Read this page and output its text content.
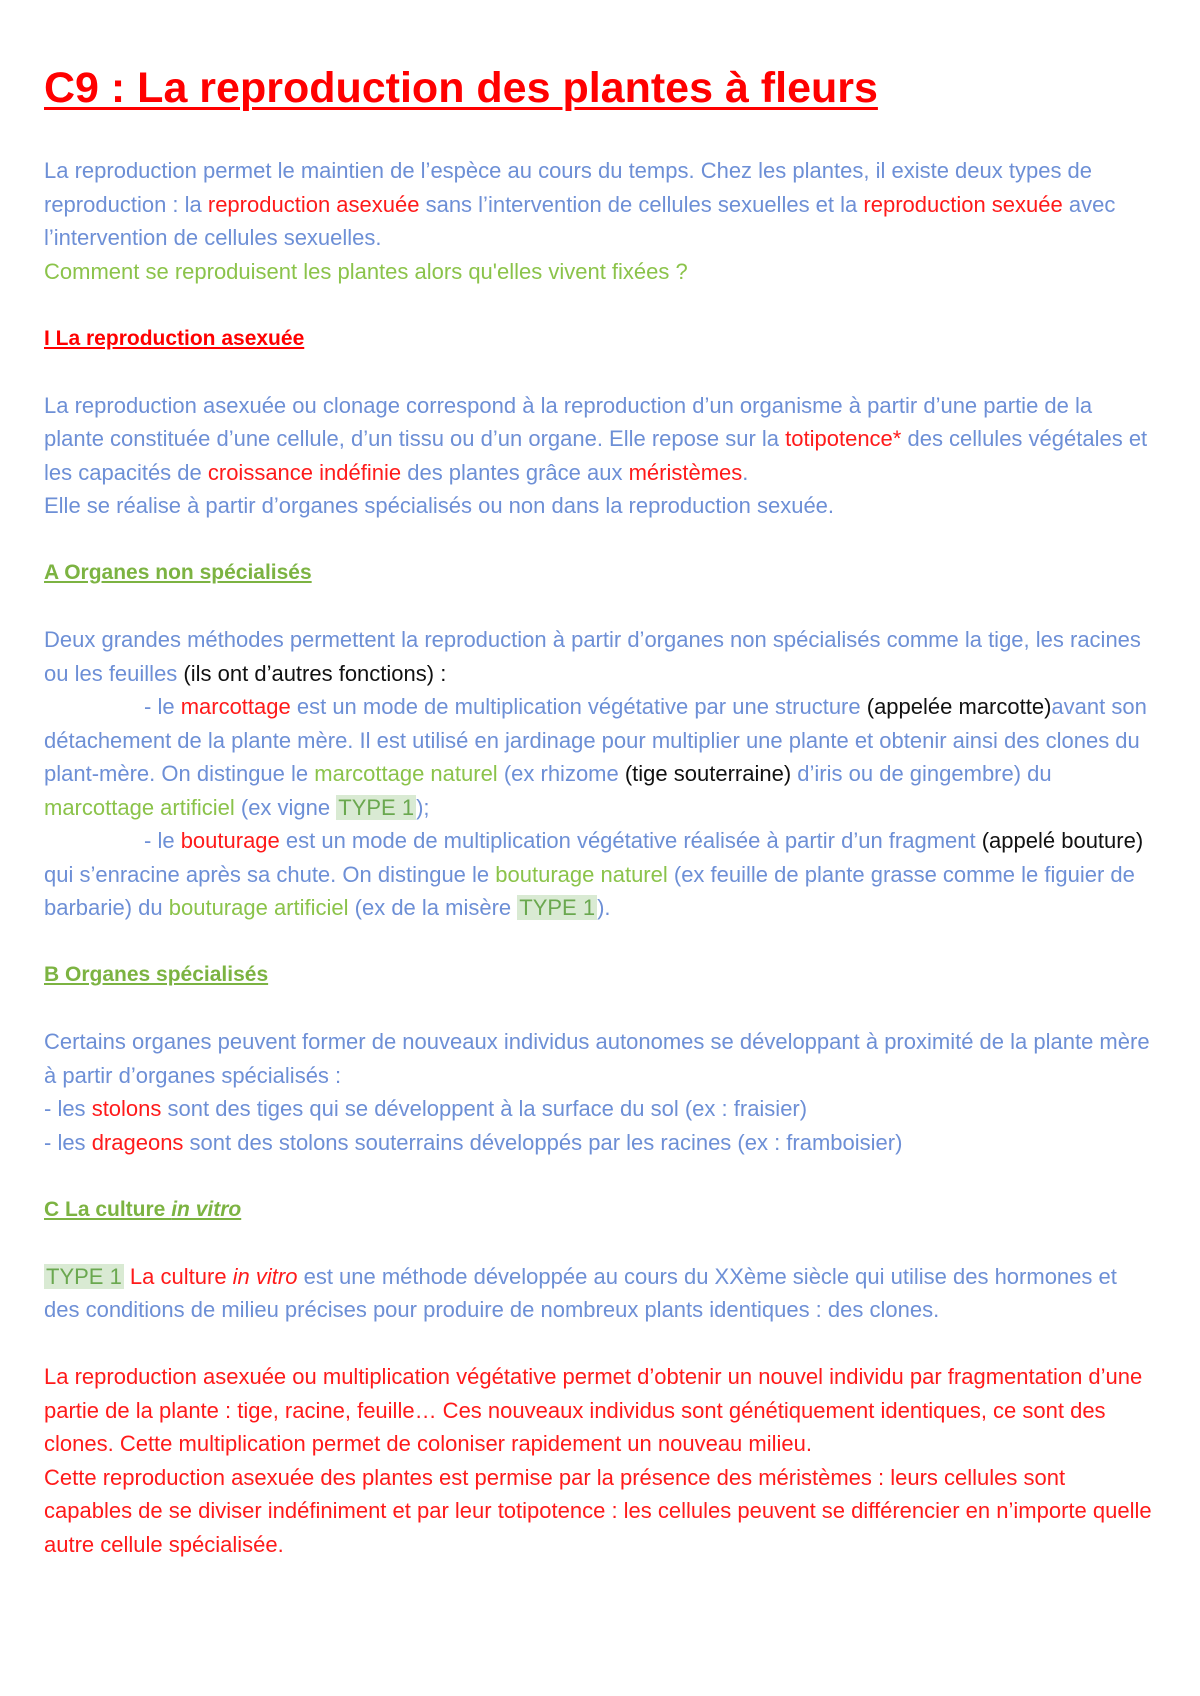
C9 : La reproduction des plantes à fleurs

La reproduction permet le maintien de l’espèce au cours du temps. Chez les plantes, il existe deux types de reproduction : la reproduction asexuée sans l’intervention de cellules sexuelles et la reproduction sexuée avec l’intervention de cellules sexuelles.

Comment se reproduisent les plantes alors qu'elles vivent fixées ?

I La reproduction asexuée

La reproduction asexuée ou clonage correspond à la reproduction d’un organisme à partir d’une partie de la plante constituée d’une cellule, d’un tissu ou d’un organe. Elle repose sur la totipotence* des cellules végétales et les capacités de croissance indéfinie des plantes grâce aux méristèmes.

Elle se réalise à partir d’organes spécialisés ou non dans la reproduction sexuée.

A Organes non spécialisés

Deux grandes méthodes permettent la reproduction à partir d’organes non spécialisés comme la tige, les racines ou les feuilles (ils ont d’autres fonctions) :

- le marcottage est un mode de multiplication végétative par une structure (appelée marcotte)avant son détachement de la plante mère. Il est utilisé en jardinage pour multiplier une plante et obtenir ainsi des clones du plant-mère. On distingue le marcottage naturel (ex rhizome (tige souterraine) d’iris ou de gingembre) du marcottage artificiel (ex vigne TYPE 1);

- le bouturage est un mode de multiplication végétative réalisée à partir d’un fragment (appelé bouture) qui s’enracine après sa chute. On distingue le bouturage naturel (ex feuille de plante grasse comme le figuier de barbarie) du bouturage artificiel (ex de la misère TYPE 1).

B Organes spécialisés

Certains organes peuvent former de nouveaux individus autonomes se développant à proximité de la plante mère à partir d’organes spécialisés :

- les stolons sont des tiges qui se développent à la surface du sol (ex : fraisier)

- les drageons sont des stolons souterrains développés par les racines (ex : framboisier)

C La culture in vitro

TYPE 1 La culture in vitro est une méthode développée au cours du XXème siècle qui utilise des hormones et des conditions de milieu précises pour produire de nombreux plants identiques : des clones.

La reproduction asexuée ou multiplication végétative permet d’obtenir un nouvel individu par fragmentation d’une partie de la plante : tige, racine, feuille… Ces nouveaux individus sont génétiquement identiques, ce sont des clones. Cette multiplication permet de coloniser rapidement un nouveau milieu.

Cette reproduction asexuée des plantes est permise par la présence des méristèmes : leurs cellules sont capables de se diviser indéfiniment et par leur totipotence : les cellules peuvent se différencier en n’importe quelle autre cellule spécialisée.
